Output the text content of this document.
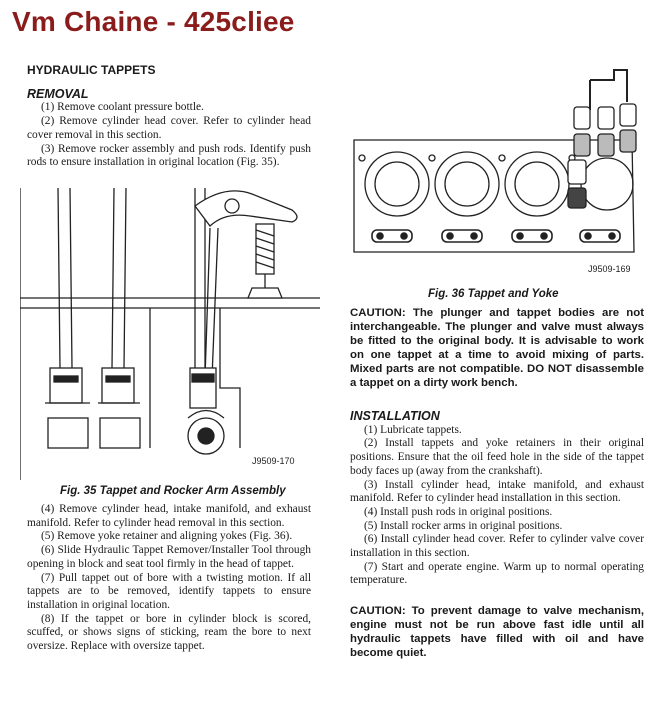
Vm Chaine - 425cliee
HYDRAULIC TAPPETS
REMOVAL

(1) Remove coolant pressure bottle.

(2) Remove cylinder head cover. Refer to cylinder head cover removal in this section.

(3) Remove rocker assembly and push rods. Identify push rods to ensure installation in original location (Fig. 35).

J9509-170
Fig. 35 Tappet and Rocker Arm Assembly

(4) Remove cylinder head, intake manifold, and exhaust manifold. Refer to cylinder head removal in this section.

(5) Remove yoke retainer and aligning yokes (Fig. 36).

(6) Slide Hydraulic Tappet Remover/Installer Tool through opening in block and seat tool firmly in the head of tappet.

(7) Pull tappet out of bore with a twisting motion. If all tappets are to be removed, identify tappets to ensure installation in original location.

(8) If the tappet or bore in cylinder block is scored, scuffed, or shows signs of sticking, ream the bore to next oversize. Replace with oversize tappet.

J9509-169
Fig. 36 Tappet and Yoke
CAUTION: The plunger and tappet bodies are not interchangeable. The plunger and valve must always be fitted to the original body. It is advisable to work on one tappet at a time to avoid mixing of parts. Mixed parts are not compatible. DO NOT disassemble a tappet on a dirty work bench.
INSTALLATION

(1) Lubricate tappets.

(2) Install tappets and yoke retainers in their original positions. Ensure that the oil feed hole in the side of the tappet body faces up (away from the crankshaft).

(3) Install cylinder head, intake manifold, and exhaust manifold. Refer to cylinder head installation in this section.

(4) Install push rods in original positions.

(5) Install rocker arms in original positions.

(6) Install cylinder head cover. Refer to cylinder valve cover installation in this section.

(7) Start and operate engine. Warm up to normal operating temperature.

CAUTION: To prevent damage to valve mechanism, engine must not be run above fast idle until all hydraulic tappets have filled with oil and have become quiet.
